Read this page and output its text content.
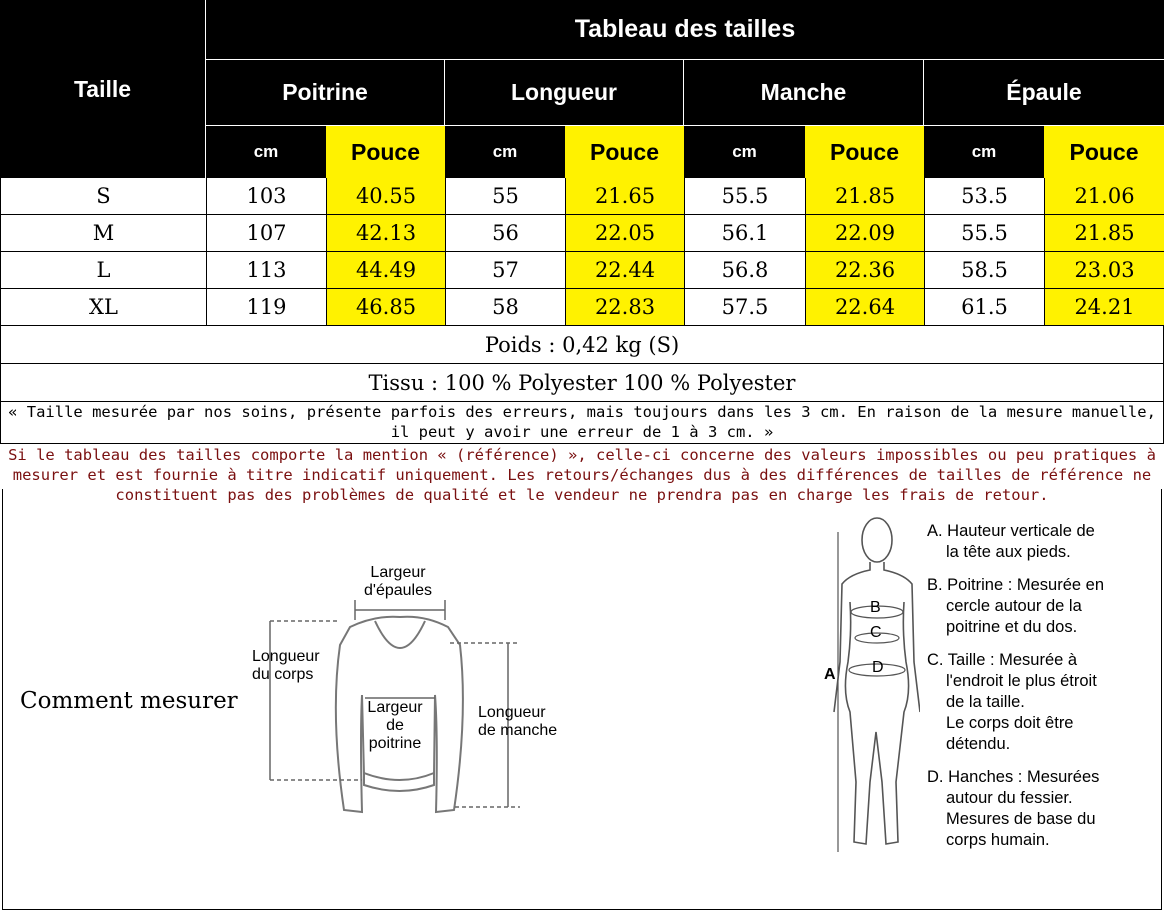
Taille
Tableau des tailles
Poitrine	Longueur	Manche	Épaule
cm	Pouce	cm	Pouce	cm	Pouce	cm	Pouce
S	103	40.55	55	21.65	55.5	21.85	53.5	21.06
M	107	42.13	56	22.05	56.1	22.09	55.5	21.85
L	113	44.49	57	22.44	56.8	22.36	58.5	23.03
XL	119	46.85	58	22.83	57.5	22.64	61.5	24.21
Poids : 0,42 kg (S)
Tissu : 100 % Polyester 100 % Polyester
« Taille mesurée par nos soins, présente parfois des erreurs, mais toujours dans les 3 cm. En raison de la mesure manuelle, il peut y avoir une erreur de 1 à 3 cm. »
Si le tableau des tailles comporte la mention « (référence) », celle-ci concerne des valeurs impossibles ou peu pratiques à mesurer et est fournie à titre indicatif uniquement. Les retours/échanges dus à des différences de tailles de référence ne constituent pas des problèmes de qualité et le vendeur ne prendra pas en charge les frais de retour.
Comment mesurer
Largeur
d'épaules
Longueur
du corps
Largeur
de
poitrine
Longueur
de manche
A
B
C
D
A. Hauteur verticale de
la tête aux pieds.
B. Poitrine : Mesurée en
cercle autour de la
poitrine et du dos.
C. Taille : Mesurée à
l'endroit le plus étroit
de la taille.
Le corps doit être
détendu.
D. Hanches : Mesurées
autour du fessier.
Mesures de base du
corps humain.
